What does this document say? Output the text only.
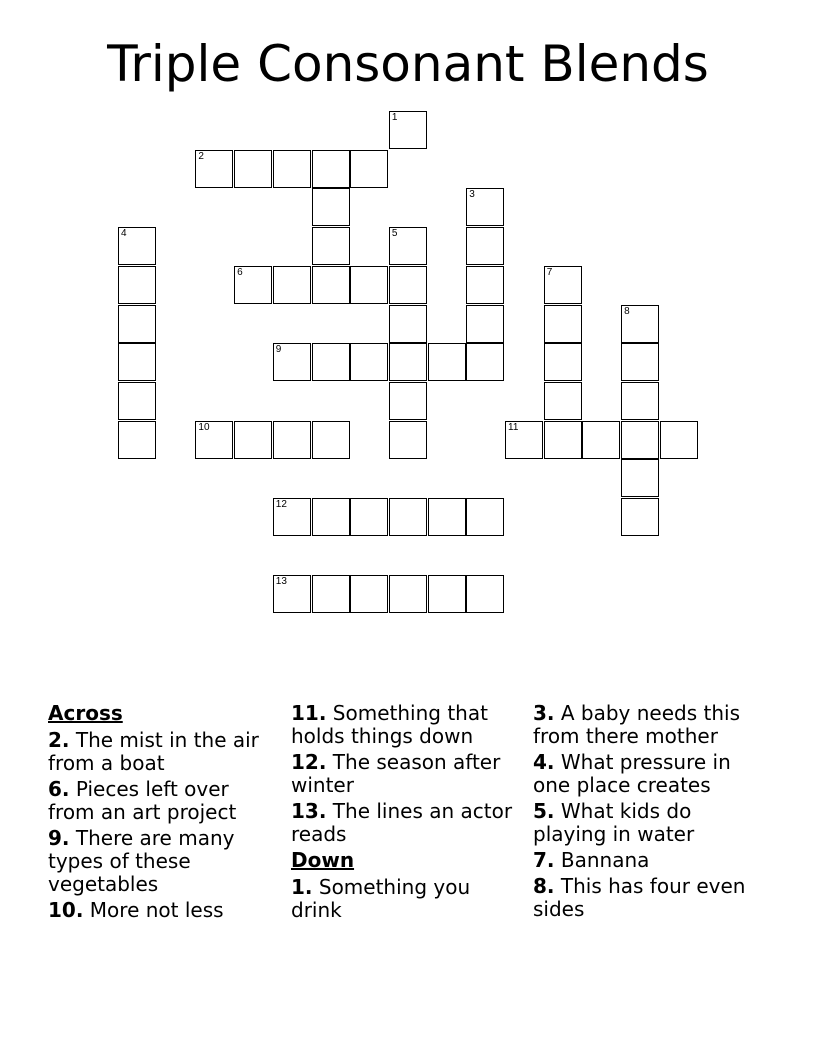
Triple Consonant Blends
1
2
3
4	5
6	7
8
9
10	11
12
13
Across
2. The mist in the air from a boat
6. Pieces left over from an art project
9. There are many types of these vegetables
10. More not less
11. Something that holds things down
12. The season after winter
13. The lines an actor reads
Down
1. Something you drink
3. A baby needs this from there mother
4. What pressure in one place creates
5. What kids do playing in water
7. Bannana
8. This has four even sides
